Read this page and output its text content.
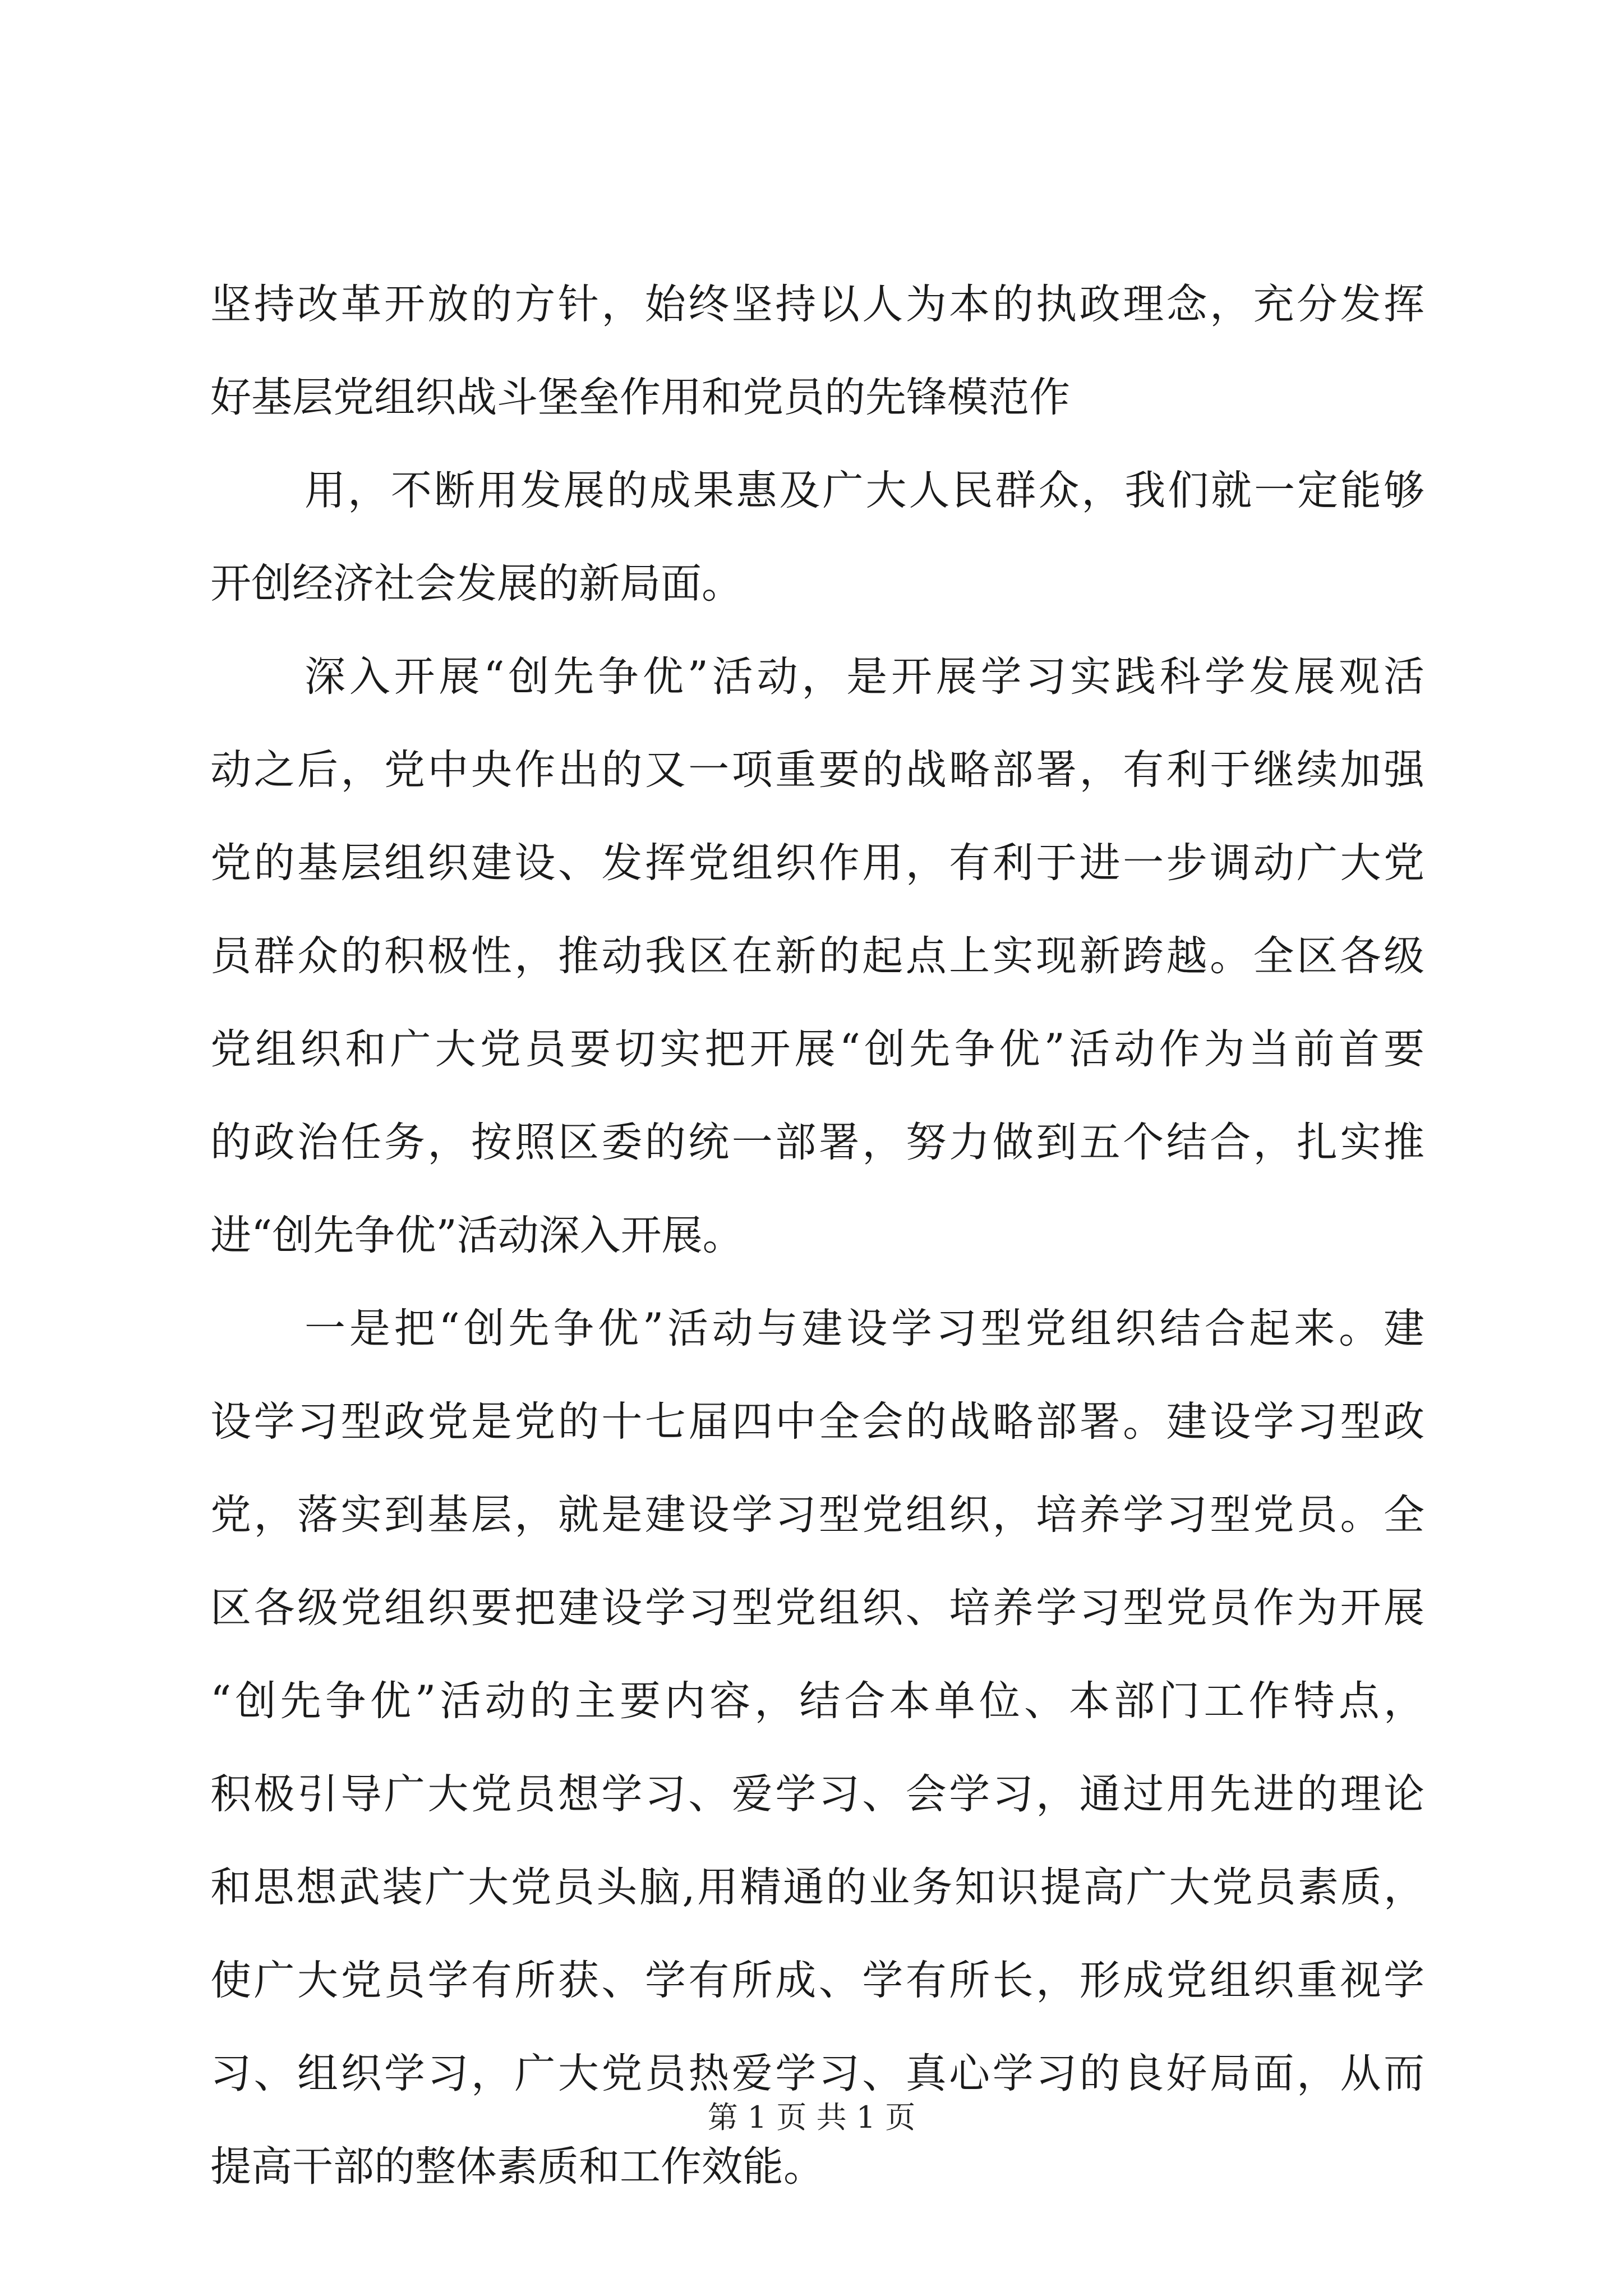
坚持改革开放的方针，始终坚持以人为本的执政理念，充分发挥
好基层党组织战斗堡垒作用和党员的先锋模范作
用，不断用发展的成果惠及广大人民群众，我们就一定能够
开创经济社会发展的新局面。
深入开展“创先争优”活动，是开展学习实践科学发展观活
动之后，党中央作出的又一项重要的战略部署，有利于继续加强
党的基层组织建设、发挥党组织作用，有利于进一步调动广大党
员群众的积极性，推动我区在新的起点上实现新跨越。全区各级
党组织和广大党员要切实把开展“创先争优”活动作为当前首要
的政治任务，按照区委的统一部署，努力做到五个结合，扎实推
进“创先争优”活动深入开展。
一是把“创先争优”活动与建设学习型党组织结合起来。建
设学习型政党是党的十七届四中全会的战略部署。建设学习型政
党，落实到基层，就是建设学习型党组织，培养学习型党员。全
区各级党组织要把建设学习型党组织、培养学习型党员作为开展
“创先争优”活动的主要内容，结合本单位、本部门工作特点，
积极引导广大党员想学习、爱学习、会学习，通过用先进的理论
和思想武装广大党员头脑,用精通的业务知识提高广大党员素质，
使广大党员学有所获、学有所成、学有所长，形成党组织重视学
习、组织学习，广大党员热爱学习、真心学习的良好局面，从而
提高干部的整体素质和工作效能。
第 1 页 共 1 页
